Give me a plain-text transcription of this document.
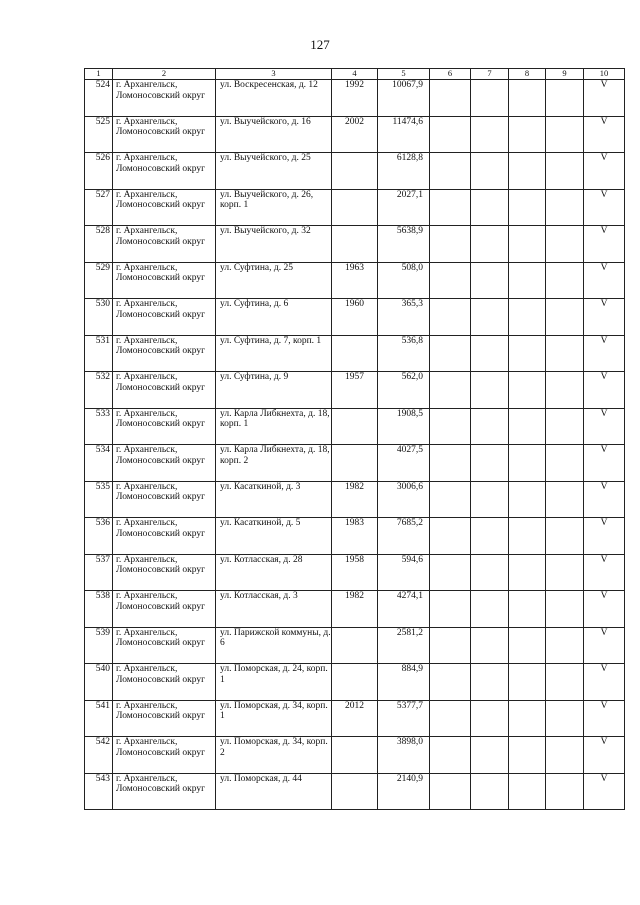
127
1	2	3	4	5	6	7	8	9	10
524	г. Архангельск, Ломоносовский округ	ул. Воскресенская, д. 12	1992	10067,9					V
525	г. Архангельск, Ломоносовский округ	ул. Выучейского, д. 16	2002	11474,6					V
526	г. Архангельск, Ломоносовский округ	ул. Выучейского, д. 25		6128,8					V
527	г. Архангельск, Ломоносовский округ	ул. Выучейского, д. 26, корп. 1		2027,1					V
528	г. Архангельск, Ломоносовский округ	ул. Выучейского, д. 32		5638,9					V
529	г. Архангельск, Ломоносовский округ	ул. Суфтина, д. 25	1963	508,0					V
530	г. Архангельск, Ломоносовский округ	ул. Суфтина, д. 6	1960	365,3					V
531	г. Архангельск, Ломоносовский округ	ул. Суфтина, д. 7, корп. 1		536,8					V
532	г. Архангельск, Ломоносовский округ	ул. Суфтина, д. 9	1957	562,0					V
533	г. Архангельск, Ломоносовский округ	ул. Карла Либкнехта, д. 18, корп. 1		1908,5					V
534	г. Архангельск, Ломоносовский округ	ул. Карла Либкнехта, д. 18, корп. 2		4027,5					V
535	г. Архангельск, Ломоносовский округ	ул. Касаткиной, д. 3	1982	3006,6					V
536	г. Архангельск, Ломоносовский округ	ул. Касаткиной, д. 5	1983	7685,2					V
537	г. Архангельск, Ломоносовский округ	ул. Котласская, д. 28	1958	594,6					V
538	г. Архангельск, Ломоносовский округ	ул. Котласская, д. 3	1982	4274,1					V
539	г. Архангельск, Ломоносовский округ	ул. Парижской коммуны, д. 6		2581,2					V
540	г. Архангельск, Ломоносовский округ	ул. Поморская, д. 24, корп. 1		884,9					V
541	г. Архангельск, Ломоносовский округ	ул. Поморская, д. 34, корп. 1	2012	5377,7					V
542	г. Архангельск, Ломоносовский округ	ул. Поморская, д. 34, корп. 2		3898,0					V
543	г. Архангельск, Ломоносовский округ	ул. Поморская, д. 44		2140,9					V
